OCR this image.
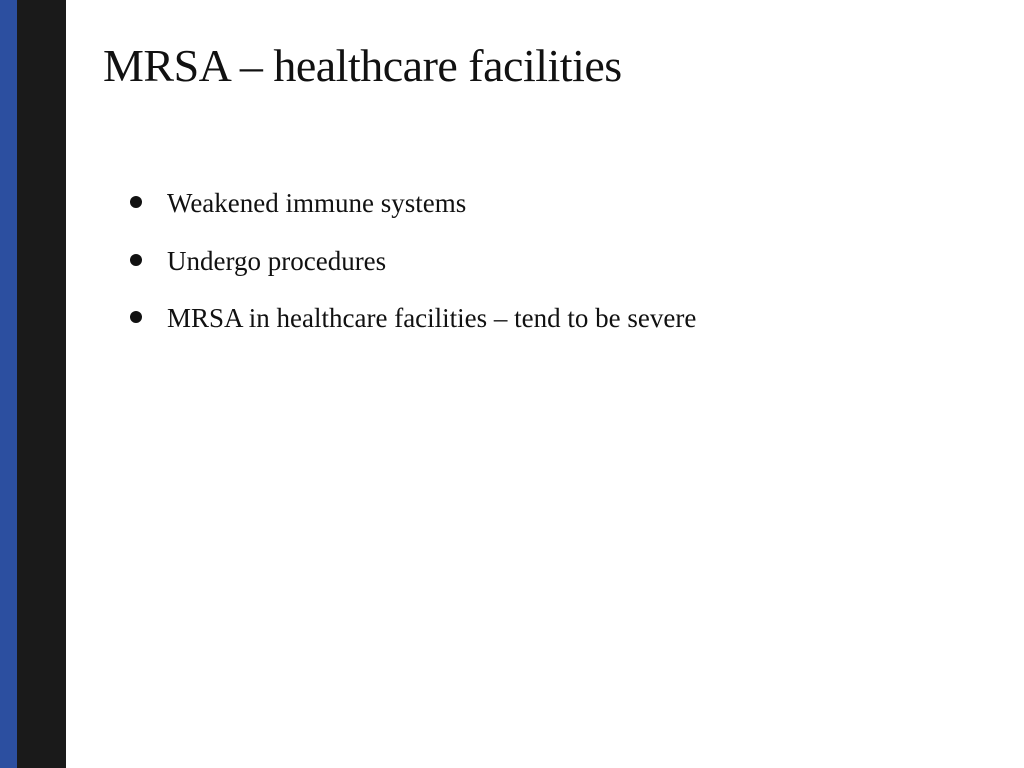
MRSA – healthcare facilities
Weakened immune systems
Undergo procedures
MRSA in healthcare facilities – tend to be severe
